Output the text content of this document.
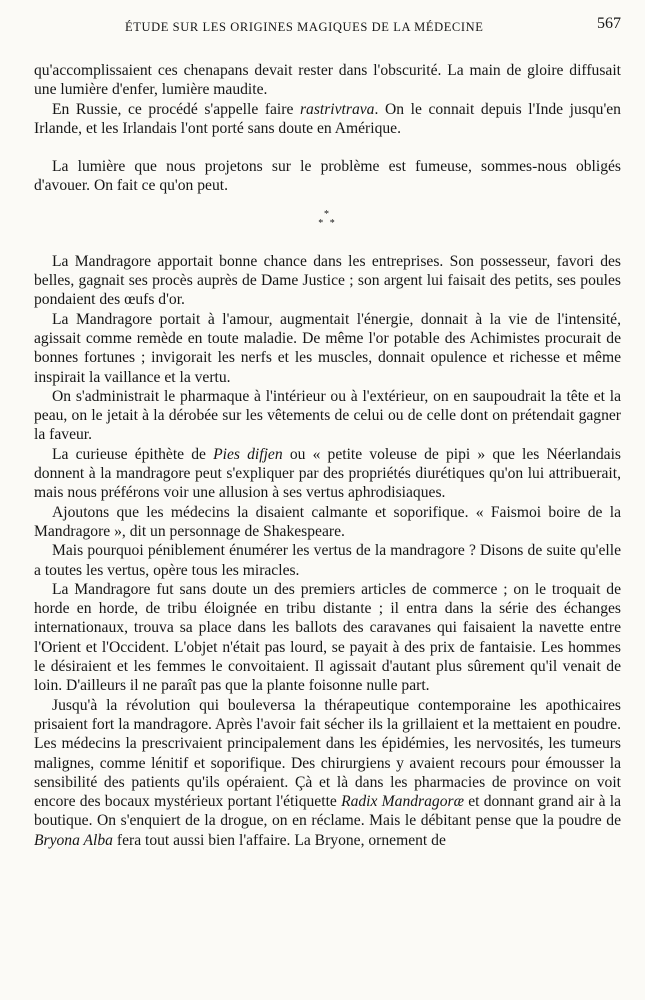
ÉTUDE SUR LES ORIGINES MAGIQUES DE LA MÉDECINE	567

qu'accomplissaient ces chenapans devait rester dans l'obscurité. La main de gloire diffusait une lumière d'enfer, lumière maudite.

En Russie, ce procédé s'appelle faire rastrivtrava. On le connait depuis l'Inde jusqu'en Irlande, et les Irlandais l'ont porté sans doute en Amérique.

La lumière que nous projetons sur le problème est fumeuse, sommes-nous obligés d'avouer. On fait ce qu'on peut.

*
* *

La Mandragore apportait bonne chance dans les entreprises. Son possesseur, favori des belles, gagnait ses procès auprès de Dame Justice ; son argent lui faisait des petits, ses poules pondaient des œufs d'or.

La Mandragore portait à l'amour, augmentait l'énergie, donnait à la vie de l'intensité, agissait comme remède en toute maladie. De même l'or potable des Achimistes procurait de bonnes fortunes ; invigorait les nerfs et les muscles, donnait opulence et richesse et même inspirait la vaillance et la vertu.

On s'administrait le pharmaque à l'intérieur ou à l'extérieur, on en saupoudrait la tête et la peau, on le jetait à la dérobée sur les vêtements de celui ou de celle dont on prétendait gagner la faveur.

La curieuse épithète de Pies difjen ou « petite voleuse de pipi » que les Néerlandais donnent à la mandragore peut s'expliquer par des propriétés diurétiques qu'on lui attribuerait, mais nous préférons voir une allusion à ses vertus aphrodisiaques.

Ajoutons que les médecins la disaient calmante et soporifique. « Faismoi boire de la Mandragore », dit un personnage de Shakespeare.

Mais pourquoi péniblement énumérer les vertus de la mandragore ? Disons de suite qu'elle a toutes les vertus, opère tous les miracles.

La Mandragore fut sans doute un des premiers articles de commerce ; on le troquait de horde en horde, de tribu éloignée en tribu distante ; il entra dans la série des échanges internationaux, trouva sa place dans les ballots des caravanes qui faisaient la navette entre l'Orient et l'Occident. L'objet n'était pas lourd, se payait à des prix de fantaisie. Les hommes le désiraient et les femmes le convoitaient. Il agissait d'autant plus sûrement qu'il venait de loin. D'ailleurs il ne paraît pas que la plante foisonne nulle part.

Jusqu'à la révolution qui bouleversa la thérapeutique contemporaine les apothicaires prisaient fort la mandragore. Après l'avoir fait sécher ils la grillaient et la mettaient en poudre. Les médecins la prescrivaient principalement dans les épidémies, les nervosités, les tumeurs malignes, comme lénitif et soporifique. Des chirurgiens y avaient recours pour émousser la sensibilité des patients qu'ils opéraient. Çà et là dans les pharmacies de province on voit encore des bocaux mystérieux portant l'étiquette Radix Mandragoræ et donnant grand air à la boutique. On s'enquiert de la drogue, on en réclame. Mais le débitant pense que la poudre de Bryona Alba fera tout aussi bien l'affaire. La Bryone, ornement de
